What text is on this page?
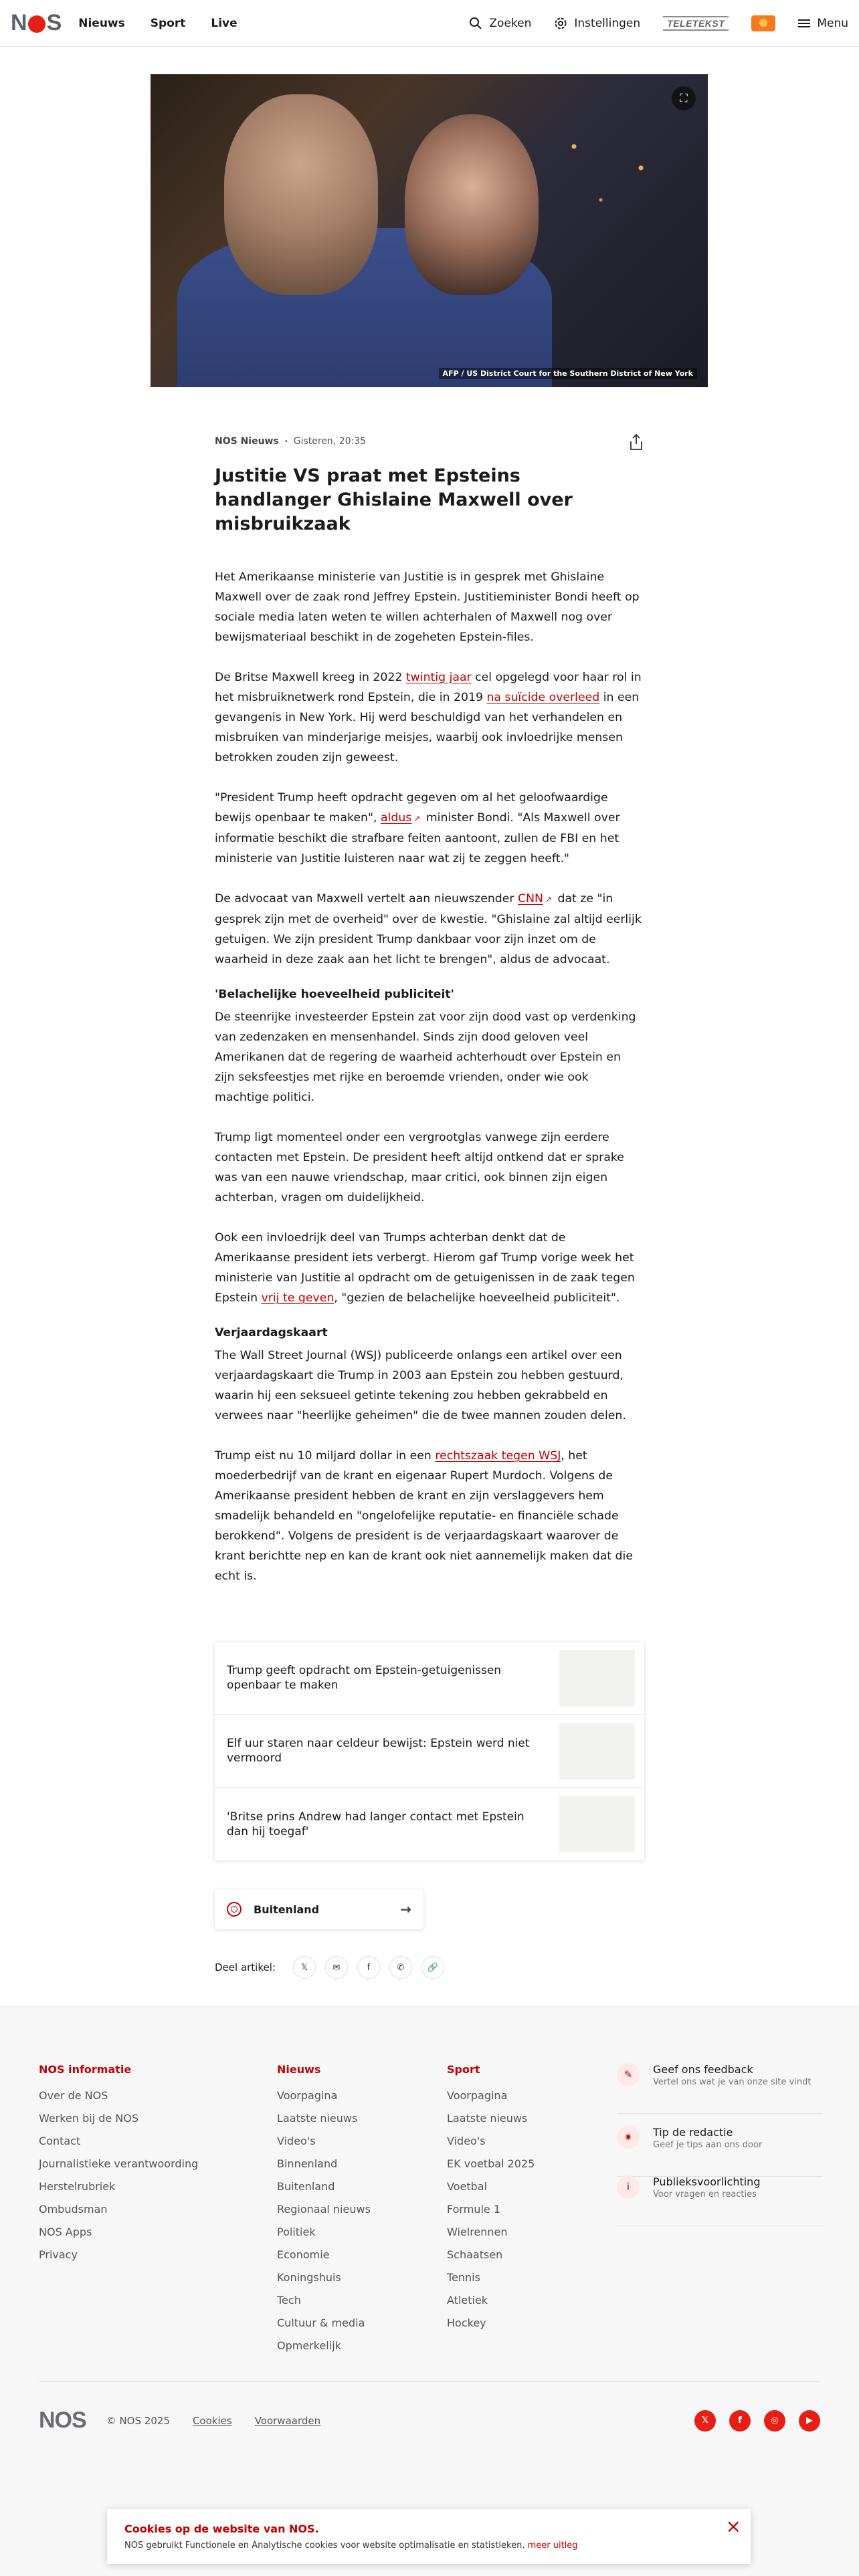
N S Nieuws Sport Live	Zoeken	Instellingen	TELETEKST	Menu
⛶
AFP / US District Court for the Southern District of New York
NOS Nieuws • Gisteren, 20:35
Justitie VS praat met Epsteins handlanger Ghislaine Maxwell over misbruikzaak

Het Amerikaanse ministerie van Justitie is in gesprek met Ghislaine Maxwell over de zaak rond Jeffrey Epstein. Justitieminister Bondi heeft op sociale media laten weten te willen achterhalen of Maxwell nog over bewijsmateriaal beschikt in de zogeheten Epstein-files.

De Britse Maxwell kreeg in 2022 twintig jaar cel opgelegd voor haar rol in het misbruiknetwerk rond Epstein, die in 2019 na suïcide overleed in een gevangenis in New York. Hij werd beschuldigd van het verhandelen en misbruiken van minderjarige meisjes, waarbij ook invloedrijke mensen betrokken zouden zijn geweest.

"President Trump heeft opdracht gegeven om al het geloofwaardige bewijs openbaar te maken", aldus ↗ minister Bondi. "Als Maxwell over informatie beschikt die strafbare feiten aantoont, zullen de FBI en het ministerie van Justitie luisteren naar wat zij te zeggen heeft."

De advocaat van Maxwell vertelt aan nieuwszender CNN ↗ dat ze "in gesprek zijn met de overheid" over de kwestie. "Ghislaine zal altijd eerlijk getuigen. We zijn president Trump dankbaar voor zijn inzet om de waarheid in deze zaak aan het licht te brengen", aldus de advocaat.

'Belachelijke hoeveelheid publiciteit'

De steenrijke investeerder Epstein zat voor zijn dood vast op verdenking van zedenzaken en mensenhandel. Sinds zijn dood geloven veel Amerikanen dat de regering de waarheid achterhoudt over Epstein en zijn seksfeestjes met rijke en beroemde vrienden, onder wie ook machtige politici.

Trump ligt momenteel onder een vergrootglas vanwege zijn eerdere contacten met Epstein. De president heeft altijd ontkend dat er sprake was van een nauwe vriendschap, maar critici, ook binnen zijn eigen achterban, vragen om duidelijkheid.

Ook een invloedrijk deel van Trumps achterban denkt dat de Amerikaanse president iets verbergt. Hierom gaf Trump vorige week het ministerie van Justitie al opdracht om de getuigenissen in de zaak tegen Epstein vrij te geven, "gezien de belachelijke hoeveelheid publiciteit".

Verjaardagskaart

The Wall Street Journal (WSJ) publiceerde onlangs een artikel over een verjaardagskaart die Trump in 2003 aan Epstein zou hebben gestuurd, waarin hij een seksueel getinte tekening zou hebben gekrabbeld en verwees naar "heerlijke geheimen" die de twee mannen zouden delen.

Trump eist nu 10 miljard dollar in een rechtszaak tegen WSJ, het moederbedrijf van de krant en eigenaar Rupert Murdoch. Volgens de Amerikaanse president hebben de krant en zijn verslaggevers hem smadelijk behandeld en "ongelofelijke reputatie- en financiële schade berokkend". Volgens de president is de verjaardagskaart waarover de krant berichtte nep en kan de krant ook niet aannemelijk maken dat die echt is.

Trump geeft opdracht om Epstein-getuigenissen openbaar te maken
Elf uur staren naar celdeur bewijst: Epstein werd niet vermoord
'Britse prins Andrew had langer contact met Epstein dan hij toegaf'
Buitenland	→
Deel artikel:	𝕏	✉	f	✆	🔗
NOS informatie
Over de NOS
Werken bij de NOS
Contact
Journalistieke verantwoording
Herstelrubriek
Ombudsman
NOS Apps
Privacy
Nieuws
Voorpagina
Laatste nieuws
Video's
Binnenland
Buitenland
Regionaal nieuws
Politiek
Economie
Koningshuis
Tech
Cultuur & media
Opmerkelijk
Sport
Voorpagina
Laatste nieuws
Video's
EK voetbal 2025
Voetbal
Formule 1
Wielrennen
Schaatsen
Tennis
Atletiek
Hockey
✎	Geef ons feedback
Vertel ons wat je van onze site vindt
✷	Tip de redactie
Geef je tips aan ons door
i	Publieksvoorlichting
Voor vragen en reacties
NOS © NOS 2025 Cookies Voorwaarden	𝕏	f	◎	▶
Cookies op de website van NOS.
NOS gebruikt Functionele en Analytische cookies voor website optimalisatie en statistieken. meer uitleg
×
